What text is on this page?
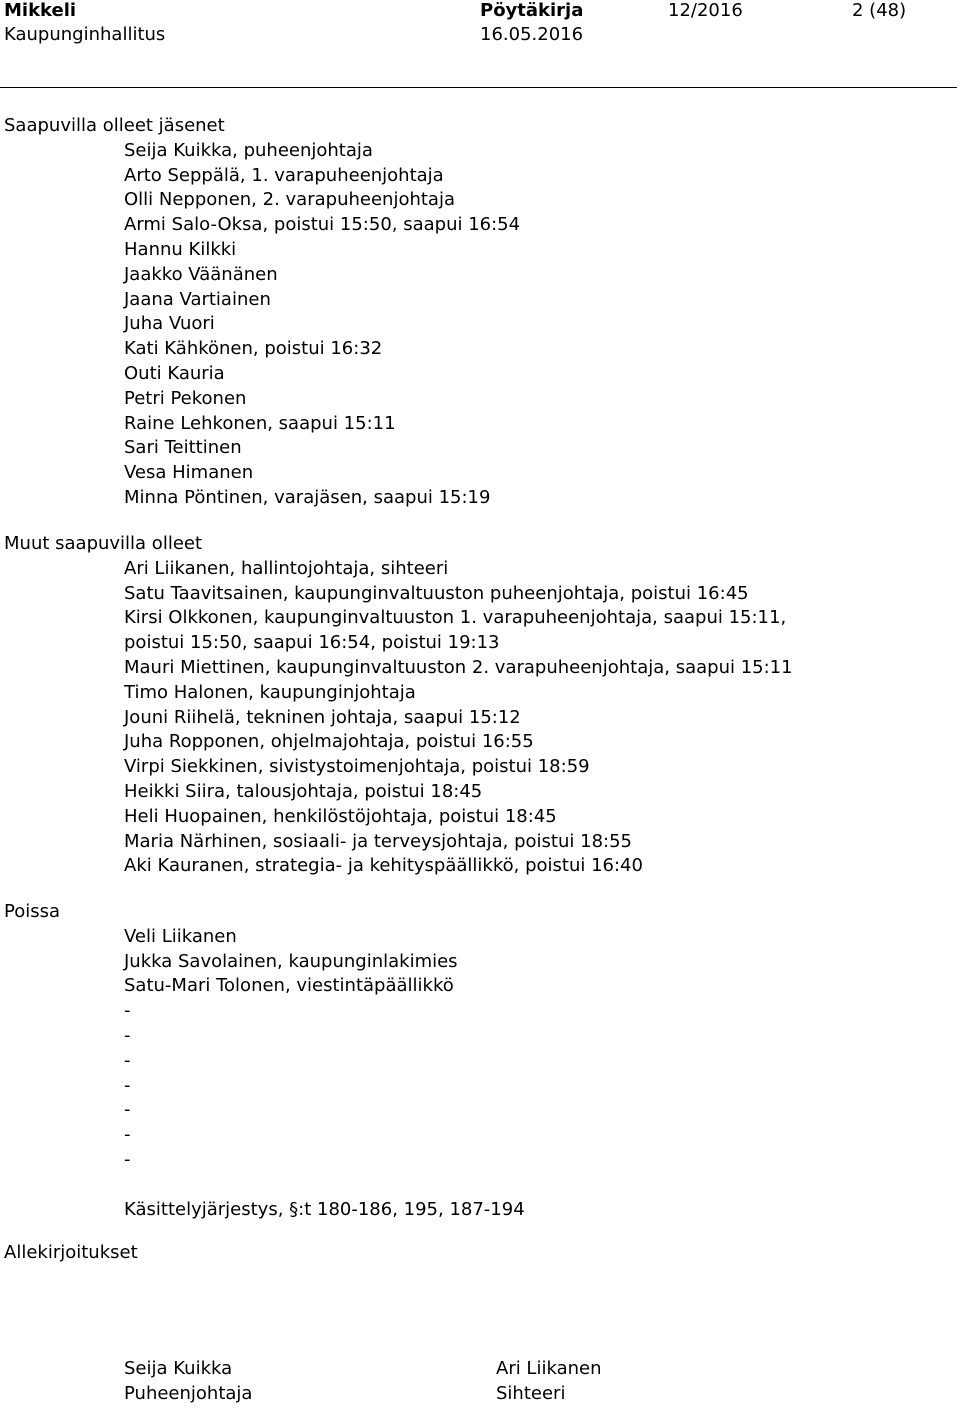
Mikkeli
Kaupunginhallitus
Pöytäkirja
16.05.2016
12/2016	2 (48)
Saapuvilla olleet jäsenet
Seija Kuikka, puheenjohtaja
Arto Seppälä, 1. varapuheenjohtaja
Olli Nepponen, 2. varapuheenjohtaja
Armi Salo-Oksa, poistui 15:50, saapui 16:54
Hannu Kilkki
Jaakko Väänänen
Jaana Vartiainen
Juha Vuori
Kati Kähkönen, poistui 16:32
Outi Kauria
Petri Pekonen
Raine Lehkonen, saapui 15:11
Sari Teittinen
Vesa Himanen
Minna Pöntinen, varajäsen, saapui 15:19
Muut saapuvilla olleet
Ari Liikanen, hallintojohtaja, sihteeri
Satu Taavitsainen, kaupunginvaltuuston puheenjohtaja, poistui 16:45
Kirsi Olkkonen, kaupunginvaltuuston 1. varapuheenjohtaja, saapui 15:11,
poistui 15:50, saapui 16:54, poistui 19:13
Mauri Miettinen, kaupunginvaltuuston 2. varapuheenjohtaja, saapui 15:11
Timo Halonen, kaupunginjohtaja
Jouni Riihelä, tekninen johtaja, saapui 15:12
Juha Ropponen, ohjelmajohtaja, poistui 16:55
Virpi Siekkinen, sivistystoimenjohtaja, poistui 18:59
Heikki Siira, talousjohtaja, poistui 18:45
Heli Huopainen, henkilöstöjohtaja, poistui 18:45
Maria Närhinen, sosiaali- ja terveysjohtaja, poistui 18:55
Aki Kauranen, strategia- ja kehityspäällikkö, poistui 16:40
Poissa
Veli Liikanen
Jukka Savolainen, kaupunginlakimies
Satu-Mari Tolonen, viestintäpäällikkö
-
-
-
-
-
-
-
Käsittelyjärjestys, §:t 180-186, 195, 187-194
Allekirjoitukset
Seija Kuikka
Puheenjohtaja
Ari Liikanen
Sihteeri
